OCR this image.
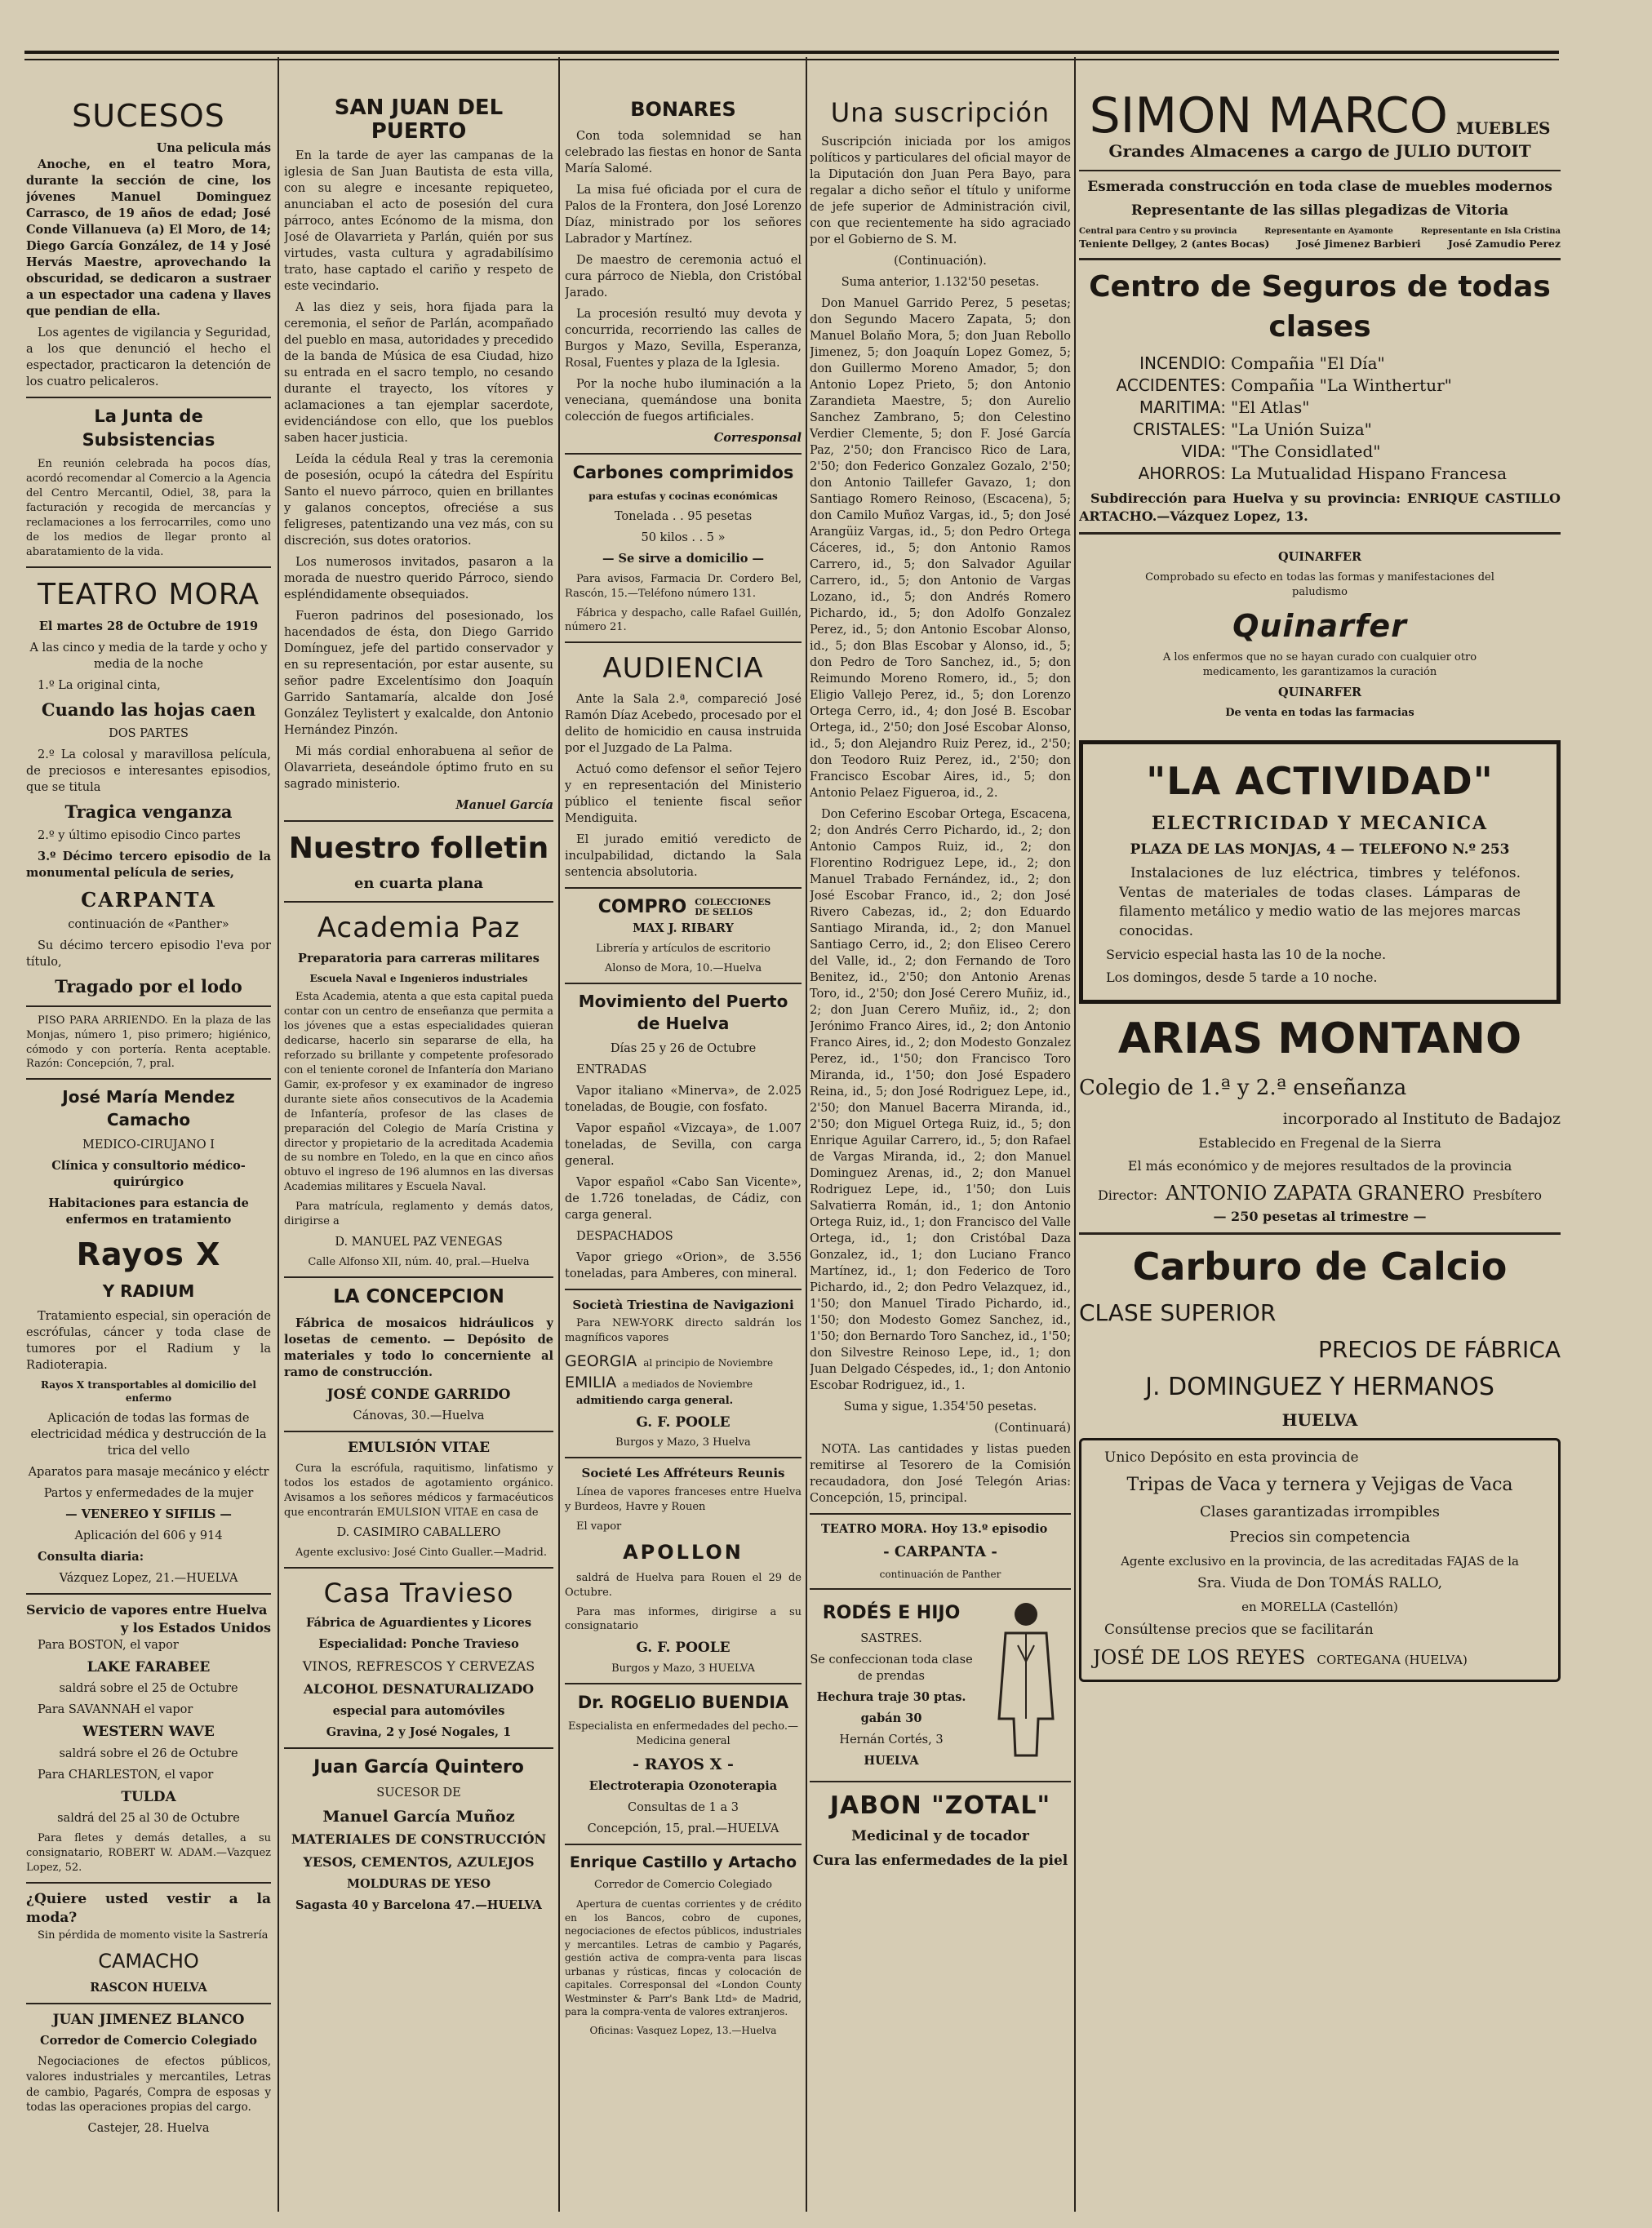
SUCESOS
Una pelicula más

Anoche, en el teatro Mora, durante la sección de cine, los jóvenes Manuel Dominguez Carrasco, de 19 años de edad; José Conde Villanueva (a) El Moro, de 14; Diego García González, de 14 y José Hervás Maestre, aprovechando la obscuridad, se dedicaron a sustraer a un espectador una cadena y llaves que pendian de ella.

Los agentes de vigilancia y Seguridad, a los que denunció el hecho el espectador, practicaron la detención de los cuatro pelicaleros.

La Junta de Subsistencias

En reunión celebrada ha pocos días, acordó recomendar al Comercio a la Agencia del Centro Mercantil, Odiel, 38, para la facturación y recogida de mercancías y reclamaciones a los ferrocarriles, como uno de los medios de llegar pronto al abaratamiento de la vida.

TEATRO MORA

El martes 28 de Octubre de 1919

A las cinco y media de la tarde y ocho y media de la noche

1.º La original cinta,

Cuando las hojas caen

DOS PARTES

2.º La colosal y maravillosa película, de preciosos e interesantes episodios, que se titula

Tragica venganza

2.º y último episodio Cinco partes

3.º Décimo tercero episodio de la monumental película de series,

CARPANTA

continuación de «Panther»

Su décimo tercero episodio l'eva por título,

Tragado por el lodo

PISO PARA ARRIENDO. En la plaza de las Monjas, número 1, piso primero; higiénico, cómodo y con portería. Renta aceptable. Razón: Concepción, 7, pral.

José María Mendez Camacho

MEDICO-CIRUJANO I

Clínica y consultorio médico-quirúrgico

Habitaciones para estancia de enfermos en tratamiento

Rayos X
Y RADIUM

Tratamiento especial, sin operación de escrófulas, cáncer y toda clase de tumores por el Radium y la Radioterapia.

Rayos X transportables al domicilio del enfermo

Aplicación de todas las formas de electricidad médica y destrucción de la trica del vello

Aparatos para masaje mecánico y eléctr

Partos y enfermedades de la mujer

— VENEREO Y SIFILIS —

Aplicación del 606 y 914

Consulta diaria:

Vázquez Lopez, 21.—HUELVA

Servicio de vapores entre Huelva
y los Estados Unidos

Para BOSTON, el vapor

LAKE FARABEE

saldrá sobre el 25 de Octubre

Para SAVANNAH el vapor

WESTERN WAVE

saldrá sobre el 26 de Octubre

Para CHARLESTON, el vapor

TULDA

saldrá del 25 al 30 de Octubre

Para fletes y demás detalles, a su consignatario, ROBERT W. ADAM.—Vazquez Lopez, 52.

¿Quiere usted vestir a la moda?

Sin pérdida de momento visite la Sastrería

CAMACHO

RASCON HUELVA

JUAN JIMENEZ BLANCO

Corredor de Comercio Colegiado

Negociaciones de efectos públicos, valores industriales y mercantiles, Letras de cambio, Pagarés, Compra de esposas y todas las operaciones propias del cargo.

Castejer, 28. Huelva

SAN JUAN DEL PUERTO

En la tarde de ayer las campanas de la iglesia de San Juan Bautista de esta villa, con su alegre e incesante repiqueteo, anunciaban el acto de posesión del cura párroco, antes Ecónomo de la misma, don José de Olavarrieta y Parlán, quién por sus virtudes, vasta cultura y agradabilísimo trato, hase captado el cariño y respeto de este vecindario.

A las diez y seis, hora fijada para la ceremonia, el señor de Parlán, acompañado del pueblo en masa, autoridades y precedido de la banda de Música de esa Ciudad, hizo su entrada en el sacro templo, no cesando durante el trayecto, los vítores y aclamaciones a tan ejemplar sacerdote, evidenciándose con ello, que los pueblos saben hacer justicia.

Leída la cédula Real y tras la ceremonia de posesión, ocupó la cátedra del Espíritu Santo el nuevo párroco, quien en brillantes y galanos conceptos, ofreciése a sus feligreses, patentizando una vez más, con su discreción, sus dotes oratorios.

Los numerosos invitados, pasaron a la morada de nuestro querido Párroco, siendo espléndidamente obsequiados.

Fueron padrinos del posesionado, los hacendados de ésta, don Diego Garrido Domínguez, jefe del partido conservador y en su representación, por estar ausente, su señor padre Excelentísimo don Joaquín Garrido Santamaría, alcalde don José González Teylistert y exalcalde, don Antonio Hernández Pinzón.

Mi más cordial enhorabuena al señor de Olavarrieta, deseándole óptimo fruto en su sagrado ministerio.

Manuel García
Nuestro folletin

en cuarta plana

Academia Paz

Preparatoria para carreras militares

Escuela Naval e Ingenieros industriales

Esta Academia, atenta a que esta capital pueda contar con un centro de enseñanza que permita a los jóvenes que a estas especialidades quieran dedicarse, hacerlo sin separarse de ella, ha reforzado su brillante y competente profesorado con el teniente coronel de Infantería don Mariano Gamir, ex-profesor y ex examinador de ingreso durante siete años consecutivos de la Academia de Infantería, profesor de las clases de preparación del Colegio de María Cristina y director y propietario de la acreditada Academia de su nombre en Toledo, en la que en cinco años obtuvo el ingreso de 196 alumnos en las diversas Academias militares y Escuela Naval.

Para matrícula, reglamento y demás datos, dirigirse a

D. MANUEL PAZ VENEGAS

Calle Alfonso XII, núm. 40, pral.—Huelva

LA CONCEPCION

Fábrica de mosaicos hidráulicos y losetas de cemento. — Depósito de materiales y todo lo concerniente al ramo de construcción.

JOSÉ CONDE GARRIDO

Cánovas, 30.—Huelva

EMULSIÓN VITAE

Cura la escrófula, raquitismo, linfatismo y todos los estados de agotamiento orgánico. Avisamos a los señores médicos y farmacéuticos que encontrarán EMULSION VITAE en casa de

D. CASIMIRO CABALLERO

Agente exclusivo: José Cinto Gualler.—Madrid.

Casa Travieso

Fábrica de Aguardientes y Licores

Especialidad: Ponche Travieso

VINOS, REFRESCOS Y CERVEZAS

ALCOHOL DESNATURALIZADO

especial para automóviles

Gravina, 2 y José Nogales, 1

Juan García Quintero

SUCESOR DE

Manuel García Muñoz

MATERIALES DE CONSTRUCCIÓN

YESOS, CEMENTOS, AZULEJOS

MOLDURAS DE YESO

Sagasta 40 y Barcelona 47.—HUELVA

BONARES

Con toda solemnidad se han celebrado las fiestas en honor de Santa María Salomé.

La misa fué oficiada por el cura de Palos de la Frontera, don José Lorenzo Díaz, ministrado por los señores Labrador y Martínez.

De maestro de ceremonia actuó el cura párroco de Niebla, don Cristóbal Jarado.

La procesión resultó muy devota y concurrida, recorriendo las calles de Burgos y Mazo, Sevilla, Esperanza, Rosal, Fuentes y plaza de la Iglesia.

Por la noche hubo iluminación a la veneciana, quemándose una bonita colección de fuegos artificiales.

Corresponsal
Carbones comprimidos

para estufas y cocinas económicas

Tonelada . . 95 pesetas

50 kilos . . 5 »

— Se sirve a domicilio —

Para avisos, Farmacia Dr. Cordero Bel, Rascón, 15.—Teléfono número 131.

Fábrica y despacho, calle Rafael Guillén, número 21.

AUDIENCIA

Ante la Sala 2.ª, compareció José Ramón Díaz Acebedo, procesado por el delito de homicidio en causa instruida por el Juzgado de La Palma.

Actuó como defensor el señor Tejero y en representación del Ministerio público el teniente fiscal señor Mendiguita.

El jurado emitió veredicto de inculpabilidad, dictando la Sala sentencia absolutoria.

COMPRO COLECCIONES DE SELLOS

MAX J. RIBARY

Librería y artículos de escritorio

Alonso de Mora, 10.—Huelva

Movimiento del Puerto de Huelva

Días 25 y 26 de Octubre

ENTRADAS

Vapor italiano «Minerva», de 2.025 toneladas, de Bougie, con fosfato.

Vapor español «Vizcaya», de 1.007 toneladas, de Sevilla, con carga general.

Vapor español «Cabo San Vicente», de 1.726 toneladas, de Cádiz, con carga general.

DESPACHADOS

Vapor griego «Orion», de 3.556 toneladas, para Amberes, con mineral.

Società Triestina de Navigazioni

Para NEW-YORK directo saldrán los magníficos vapores

GEORGIA al principio de Noviembre
EMILIA a mediados de Noviembre

admitiendo carga general.

G. F. POOLE

Burgos y Mazo, 3 Huelva

Societé Les Affréteurs Reunis

Línea de vapores franceses entre Huelva y Burdeos, Havre y Rouen

El vapor

APOLLON

saldrá de Huelva para Rouen el 29 de Octubre.

Para mas informes, dirigirse a su consignatario

G. F. POOLE

Burgos y Mazo, 3 HUELVA

Dr. ROGELIO BUENDIA

Especialista en enfermedades del pecho.—Medicina general

- RAYOS X -

Electroterapia Ozonoterapia

Consultas de 1 a 3

Concepción, 15, pral.—HUELVA

Enrique Castillo y Artacho

Corredor de Comercio Colegiado

Apertura de cuentas corrientes y de crédito en los Bancos, cobro de cupones, negociaciones de efectos públicos, industriales y mercantiles. Letras de cambio y Pagarés, gestión activa de compra-venta para liscas urbanas y rústicas, fincas y colocación de capitales. Corresponsal del «London County Westminster & Parr's Bank Ltd» de Madrid, para la compra-venta de valores extranjeros.

Oficinas: Vasquez Lopez, 13.—Huelva

Una suscripción

Suscripción iniciada por los amigos políticos y particulares del oficial mayor de la Diputación don Juan Pera Bayo, para regalar a dicho señor el título y uniforme de jefe superior de Administración civil, con que recientemente ha sido agraciado por el Gobierno de S. M.

(Continuación).

Suma anterior, 1.132'50 pesetas.

Don Manuel Garrido Perez, 5 pesetas; don Segundo Macero Zapata, 5; don Manuel Bolaño Mora, 5; don Juan Rebollo Jimenez, 5; don Joaquín Lopez Gomez, 5; don Guillermo Moreno Amador, 5; don Antonio Lopez Prieto, 5; don Antonio Zarandieta Maestre, 5; don Aurelio Sanchez Zambrano, 5; don Celestino Verdier Clemente, 5; don F. José García Paz, 2'50; don Francisco Rico de Lara, 2'50; don Federico Gonzalez Gozalo, 2'50; don Antonio Taillefer Gavazo, 1; don Santiago Romero Reinoso, (Escacena), 5; don Camilo Muñoz Vargas, id., 5; don José Arangüiz Vargas, id., 5; don Pedro Ortega Cáceres, id., 5; don Antonio Ramos Carrero, id., 5; don Salvador Aguilar Carrero, id., 5; don Antonio de Vargas Lozano, id., 5; don Andrés Romero Pichardo, id., 5; don Adolfo Gonzalez Perez, id., 5; don Antonio Escobar Alonso, id., 5; don Blas Escobar y Alonso, id., 5; don Pedro de Toro Sanchez, id., 5; don Reimundo Moreno Romero, id., 5; don Eligio Vallejo Perez, id., 5; don Lorenzo Ortega Cerro, id., 4; don José B. Escobar Ortega, id., 2'50; don José Escobar Alonso, id., 5; don Alejandro Ruiz Perez, id., 2'50; don Teodoro Ruiz Perez, id., 2'50; don Francisco Escobar Aires, id., 5; don Antonio Pelaez Figueroa, id., 2.

Don Ceferino Escobar Ortega, Escacena, 2; don Andrés Cerro Pichardo, id., 2; don Antonio Campos Ruiz, id., 2; don Florentino Rodriguez Lepe, id., 2; don Manuel Trabado Fernández, id., 2; don José Escobar Franco, id., 2; don José Rivero Cabezas, id., 2; don Eduardo Santiago Miranda, id., 2; don Manuel Santiago Cerro, id., 2; don Eliseo Cerero del Valle, id., 2; don Fernando de Toro Benitez, id., 2'50; don Antonio Arenas Toro, id., 2'50; don José Cerero Muñiz, id., 2; don Juan Cerero Muñiz, id., 2; don Jerónimo Franco Aires, id., 2; don Antonio Franco Aires, id., 2; don Modesto Gonzalez Perez, id., 1'50; don Francisco Toro Miranda, id., 1'50; don José Espadero Reina, id., 5; don José Rodriguez Lepe, id., 2'50; don Manuel Bacerra Miranda, id., 2'50; don Miguel Ortega Ruiz, id., 5; don Enrique Aguilar Carrero, id., 5; don Rafael de Vargas Miranda, id., 2; don Manuel Dominguez Arenas, id., 2; don Manuel Rodriguez Lepe, id., 1'50; don Luis Salvatierra Román, id., 1; don Antonio Ortega Ruiz, id., 1; don Francisco del Valle Ortega, id., 1; don Cristóbal Daza Gonzalez, id., 1; don Luciano Franco Martínez, id., 1; don Federico de Toro Pichardo, id., 2; don Pedro Velazquez, id., 1'50; don Manuel Tirado Pichardo, id., 1'50; don Modesto Gomez Sanchez, id., 1'50; don Bernardo Toro Sanchez, id., 1'50; don Silvestre Reinoso Lepe, id., 1; don Juan Delgado Céspedes, id., 1; don Antonio Escobar Rodriguez, id., 1.

Suma y sigue, 1.354'50 pesetas.

(Continuará)

NOTA. Las cantidades y listas pueden remitirse al Tesorero de la Comisión recaudadora, don José Telegón Arias: Concepción, 15, principal.

TEATRO MORA. Hoy 13.º episodio

- CARPANTA -

continuación de Panther

RODÉS E HIJO

SASTRES.

Se confeccionan toda clase de prendas

Hechura traje 30 ptas.

gabán 30

Hernán Cortés, 3

HUELVA

JABON "ZOTAL"

Medicinal y de tocador

Cura las enfermedades de la piel

SIMON MARCO MUEBLES

Grandes Almacenes a cargo de JULIO DUTOIT

Esmerada construcción en toda clase de muebles modernos

Representante de las sillas plegadizas de Vitoria

Central para Centro y su provincia	Representante en Ayamonte	Representante en Isla Cristina
Teniente Dellgey, 2 (antes Bocas)	José Jimenez Barbieri	José Zamudio Perez
Centro de Seguros de todas clases
INCENDIO: Compañia "El Día"
ACCIDENTES: Compañia "La Winthertur"
MARITIMA: "El Atlas"
CRISTALES: "La Unión Suiza"
VIDA: "The Considlated"
AHORROS: La Mutualidad Hispano Francesa

Subdirección para Huelva y su provincia: ENRIQUE CASTILLO ARTACHO.—Vázquez Lopez, 13.

QUINARFER

Comprobado su efecto en todas las formas y manifestaciones del paludismo

Quinarfer

A los enfermos que no se hayan curado con cualquier otro medicamento, les garantizamos la curación

QUINARFER

De venta en todas las farmacias

"LA ACTIVIDAD"

ELECTRICIDAD Y MECANICA

PLAZA DE LAS MONJAS, 4 — TELEFONO N.º 253

Instalaciones de luz eléctrica, timbres y teléfonos. Ventas de materiales de todas clases. Lámparas de filamento metálico y medio watio de las mejores marcas conocidas.

Servicio especial hasta las 10 de la noche.

Los domingos, desde 5 tarde a 10 noche.

ARIAS MONTANO

Colegio de 1.ª y 2.ª enseñanza

incorporado al Instituto de Badajoz

Establecido en Fregenal de la Sierra

El más económico y de mejores resultados de la provincia

Director: ANTONIO ZAPATA GRANERO Presbítero

— 250 pesetas al trimestre —

Carburo de Calcio

CLASE SUPERIOR

PRECIOS DE FÁBRICA

J. DOMINGUEZ Y HERMANOS

HUELVA

Unico Depósito en esta provincia de

Tripas de Vaca y ternera y Vejigas de Vaca

Clases garantizadas irrompibles

Precios sin competencia

Agente exclusivo en la provincia, de las acreditadas FAJAS de la

Sra. Viuda de Don TOMÁS RALLO,

en MORELLA (Castellón)

Consúltense precios que se facilitarán

JOSÉ DE LOS REYES CORTEGANA (HUELVA)
